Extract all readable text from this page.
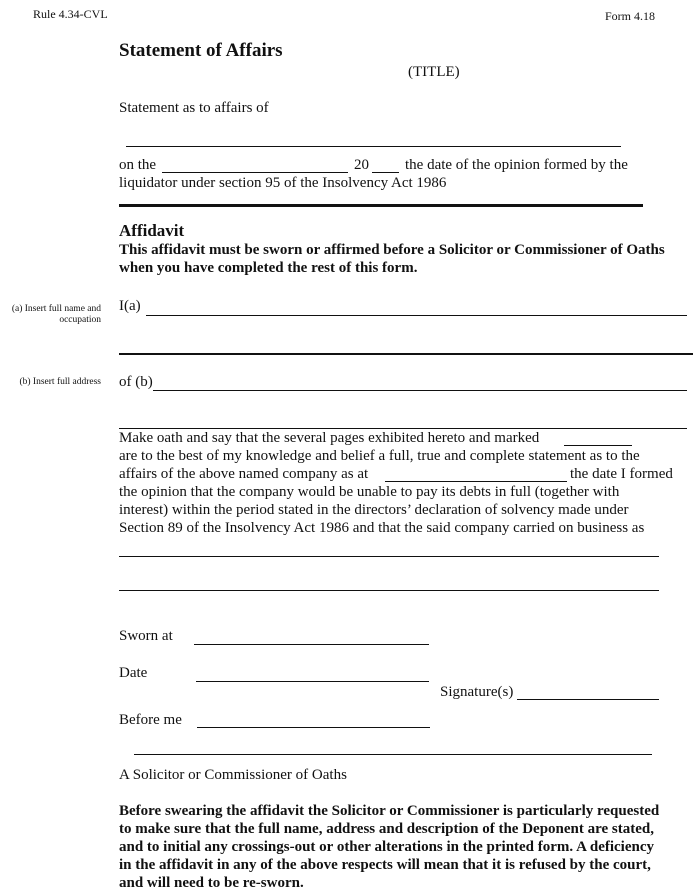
Rule 4.34-CVL	Form 4.18
Statement of Affairs
(TITLE)
Statement as to affairs of
on the	20 the date of the opinion formed by the
liquidator under section 95 of the Insolvency Act 1986
Affidavit
This affidavit must be sworn or affirmed before a Solicitor or Commissioner of Oaths
when you have completed the rest of this form.
(a) Insert full name and
occupation
(b) Insert full address
I(a)
of (b)
Make oath and say that the several pages exhibited hereto and marked
are to the best of my knowledge and belief a full, true and complete statement as to the
affairs of the above named company as at	the date I formed
the opinion that the company would be unable to pay its debts in full (together with
interest) within the period stated in the directors’ declaration of solvency made under
Section 89 of the Insolvency Act 1986 and that the said company carried on business as
Sworn at
Date
Signature(s)
Before me
A Solicitor or Commissioner of Oaths
Before swearing the affidavit the Solicitor or Commissioner is particularly requested
to make sure that the full name, address and description of the Deponent are stated,
and to initial any crossings-out or other alterations in the printed form. A deficiency
in the affidavit in any of the above respects will mean that it is refused by the court,
and will need to be re-sworn.
